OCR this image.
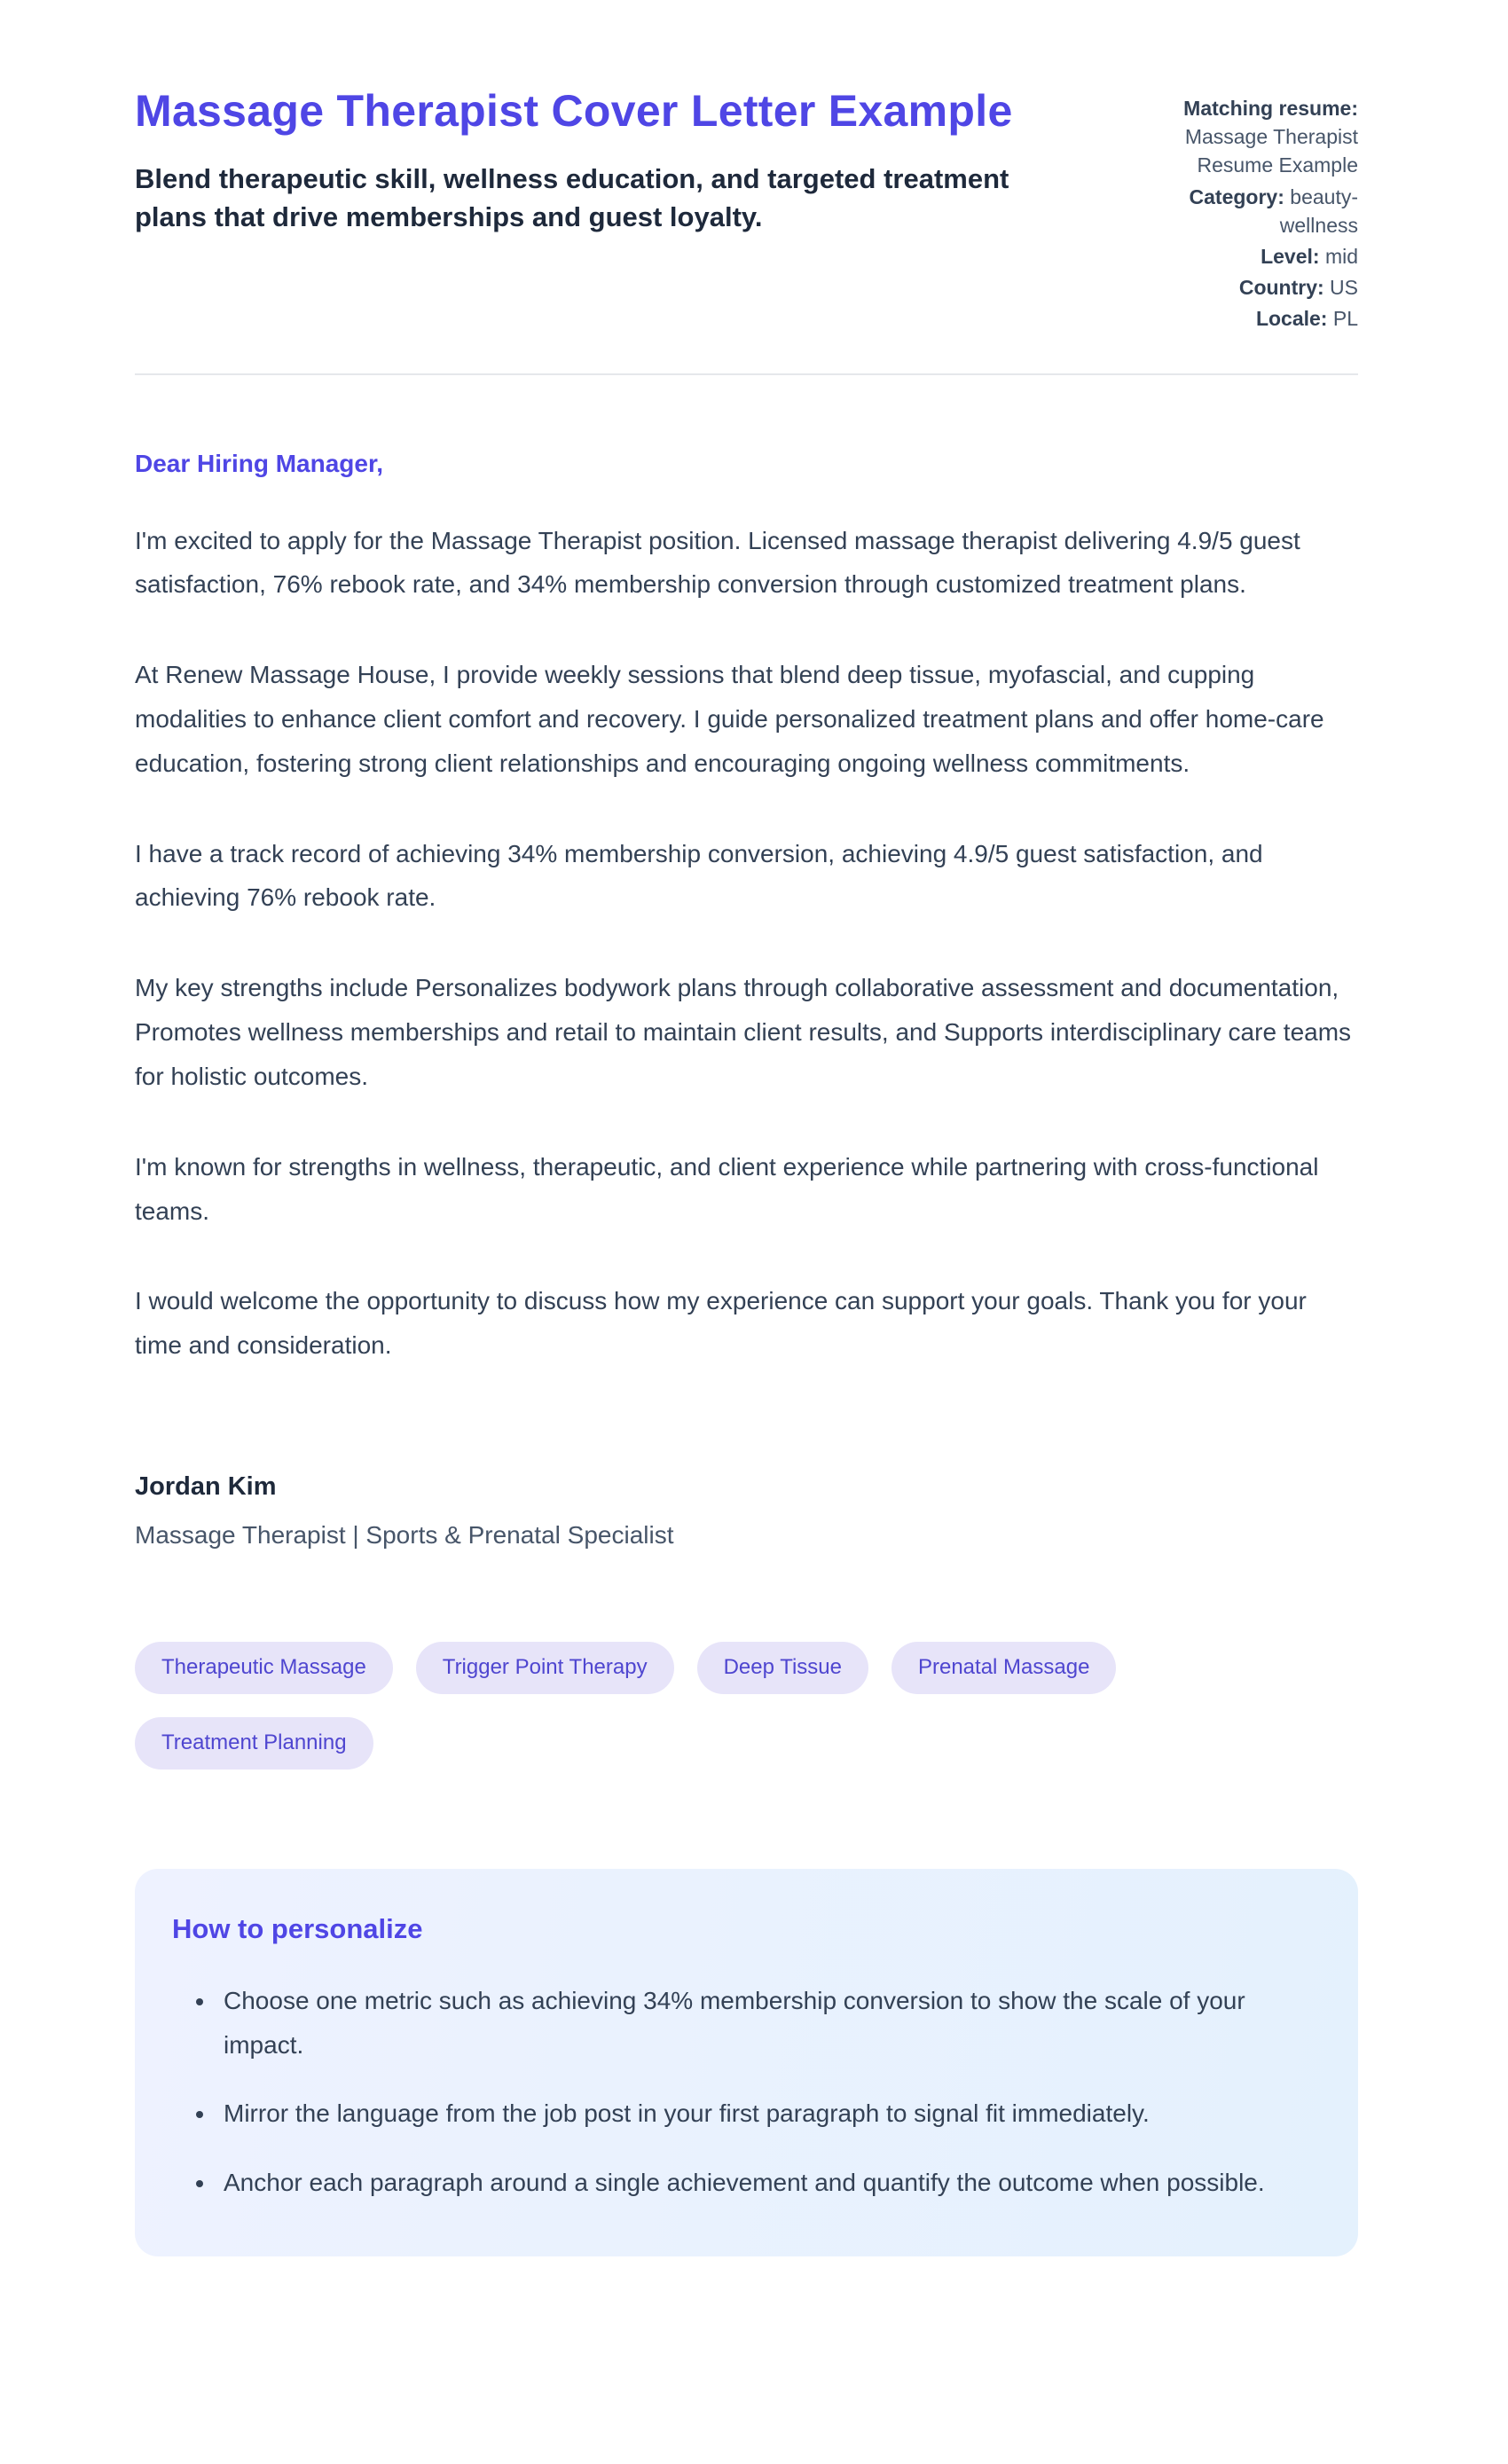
Massage Therapist Cover Letter Example

Blend therapeutic skill, wellness education, and targeted treatment plans that drive memberships and guest loyalty.

Matching resume: Massage Therapist Resume Example
Category: beauty-wellness
Level: mid
Country: US
Locale: PL

Dear Hiring Manager,

I'm excited to apply for the Massage Therapist position. Licensed massage therapist delivering 4.9/5 guest satisfaction, 76% rebook rate, and 34% membership conversion through customized treatment plans.

At Renew Massage House, I provide weekly sessions that blend deep tissue, myofascial, and cupping modalities to enhance client comfort and recovery. I guide personalized treatment plans and offer home-care education, fostering strong client relationships and encouraging ongoing wellness commitments.

I have a track record of achieving 34% membership conversion, achieving 4.9/5 guest satisfaction, and achieving 76% rebook rate.

My key strengths include Personalizes bodywork plans through collaborative assessment and documentation, Promotes wellness memberships and retail to maintain client results, and Supports interdisciplinary care teams for holistic outcomes.

I'm known for strengths in wellness, therapeutic, and client experience while partnering with cross-functional teams.

I would welcome the opportunity to discuss how my experience can support your goals. Thank you for your time and consideration.

Jordan Kim

Massage Therapist | Sports & Prenatal Specialist

Therapeutic Massage	Trigger Point Therapy	Deep Tissue	Prenatal Massage
Treatment Planning
How to personalize
• Choose one metric such as achieving 34% membership conversion to show the scale of your impact.
• Mirror the language from the job post in your first paragraph to signal fit immediately.
• Anchor each paragraph around a single achievement and quantify the outcome when possible.
